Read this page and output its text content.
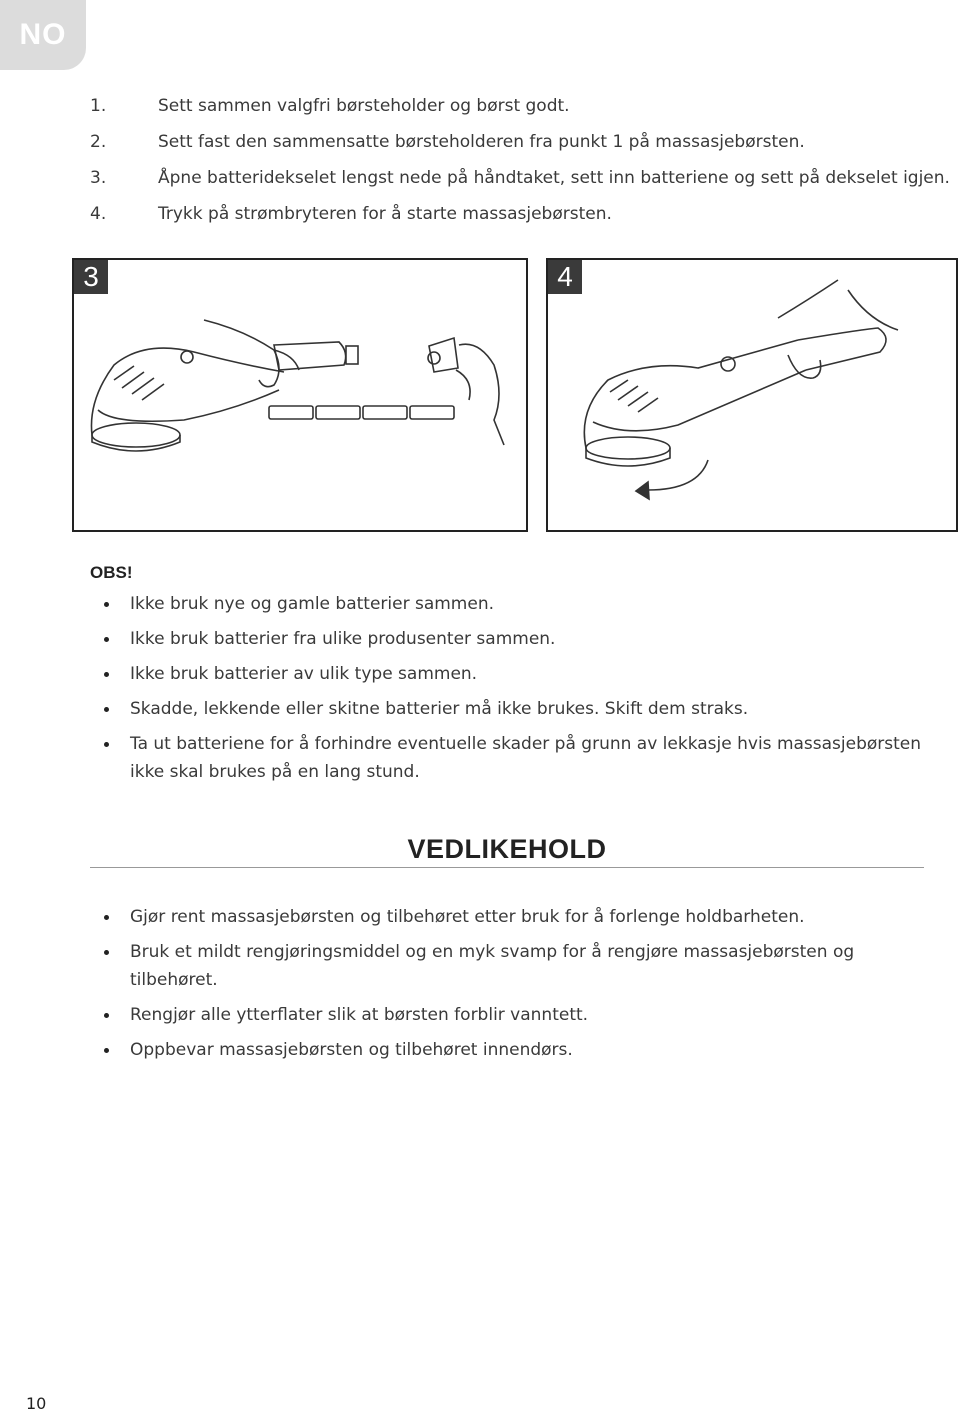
NO
1.	Sett sammen valgfri børsteholder og børst godt.
2.	Sett fast den sammensatte børsteholderen fra punkt 1 på massasjebørsten.
3.	Åpne batteridekselet lengst nede på håndtaket, sett inn batteriene og sett på dekselet igjen.
4.	Trykk på strømbryteren for å starte massasjebørsten.
3	4
OBS!
Ikke bruk nye og gamle batterier sammen.
Ikke bruk batterier fra ulike produsenter sammen.
Ikke bruk batterier av ulik type sammen.
Skadde, lekkende eller skitne batterier må ikke brukes. Skift dem straks.
Ta ut batteriene for å forhindre eventuelle skader på grunn av lekkasje hvis massasjebørsten ikke skal brukes på en lang stund.
VEDLIKEHOLD
Gjør rent massasjebørsten og tilbehøret etter bruk for å forlenge holdbarheten.
Bruk et mildt rengjøringsmiddel og en myk svamp for å rengjøre massasjebørsten og tilbehøret.
Rengjør alle ytterflater slik at børsten forblir vanntett.
Oppbevar massasjebørsten og tilbehøret innendørs.
10
